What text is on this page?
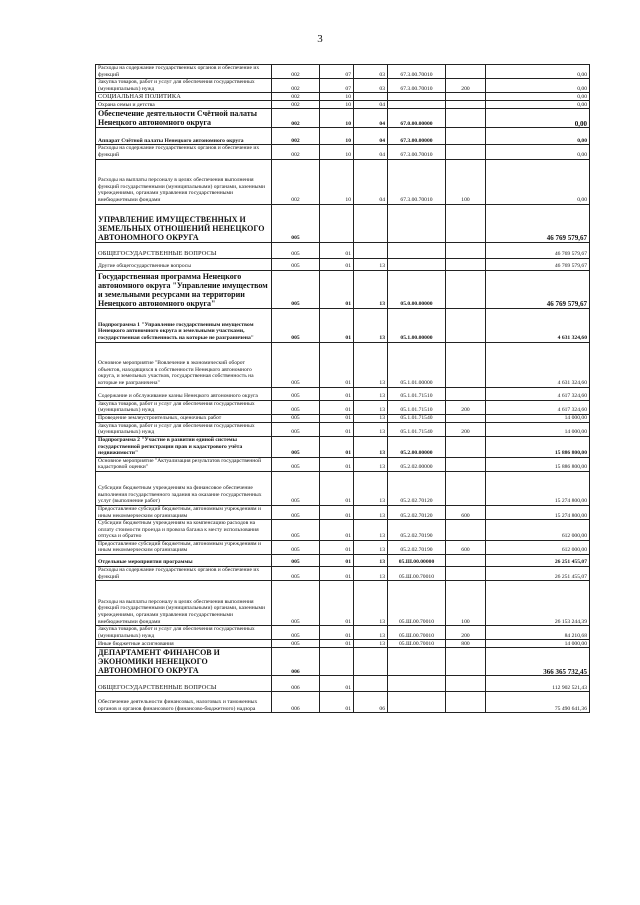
3
Расходы на содержание государственных органов и обеспечение их функций	002	07	03	67.3.00.70010		0,00
Закупка товаров, работ и услуг для обеспечения государственных (муниципальных) нужд	002	07	03	67.3.00.70010	200	0,00
СОЦИАЛЬНАЯ ПОЛИТИКА	002	10				0,00
Охрана семьи и детства	002	10	04			0,00
Обеспечение деятельности Счётной палаты Ненецкого автономного округа	002	10	04	67.0.00.00000		0,00
Аппарат Счётной палаты Ненецкого автономного округа	002	10	04	67.3.00.00000		0,00
Расходы на содержание государственных органов и обеспечение их функций	002	10	04	67.3.00.70010		0,00
Расходы на выплаты персоналу в целях обеспечения выполнения функций государственными (муниципальными) органами, казенными учреждениями, органами управления государственными внебюджетными фондами	002	10	04	67.3.00.70010	100	0,00
УПРАВЛЕНИЕ ИМУЩЕСТВЕННЫХ И ЗЕМЕЛЬНЫХ ОТНОШЕНИЙ НЕНЕЦКОГО АВТОНОМНОГО ОКРУГА	005					46 769 579,67
ОБЩЕГОСУДАРСТВЕННЫЕ ВОПРОСЫ	005	01				46 769 579,67
Другие общегосударственные вопросы	005	01	13			46 769 579,67
Государственная программа Ненецкого автономного округа "Управление имуществом и земельными ресурсами на территории Ненецкого автономного округа"	005	01	13	05.0.00.00000		46 769 579,67
Подпрограмма 1 "Управление государственным имуществом Ненецкого автономного округа и земельными участками, государственная собственность на которые не разграничена"	005	01	13	05.1.00.00000		4 631 324,60
Основное мероприятие "Вовлечение в экономический оборот объектов, находящихся в собственности Ненецкого автономного округа, и земельных участков, государственная собственность на которые не разграничена"	005	01	13	05.1.01.00000		4 631 324,60
Содержание и обслуживание казны Ненецкого автономного округа	005	01	13	05.1.01.71510		4 617 324,60
Закупка товаров, работ и услуг для обеспечения государственных (муниципальных) нужд	005	01	13	05.1.01.71510	200	4 617 324,60
Проведение землеустроительных, оценочных работ	005	01	13	05.1.01.71540		14 000,00
Закупка товаров, работ и услуг для обеспечения государственных (муниципальных) нужд	005	01	13	05.1.01.71540	200	14 000,00
Подпрограмма 2 "Участие в развитии единой системы государственной регистрации прав и кадастрового учёта недвижимости"	005	01	13	05.2.00.00000		15 886 800,00
Основное мероприятие "Актуализация результатов государственной кадастровой оценки"	005	01	13	05.2.02.00000		15 886 800,00
Субсидии бюджетным учреждениям на финансовое обеспечение выполнения государственного задания на оказание государственных услуг (выполнение работ)	005	01	13	05.2.02.70120		15 274 800,00
Предоставление субсидий бюджетным, автономным учреждениям и иным некоммерческим организациям	005	01	13	05.2.02.70120	600	15 274 800,00
Субсидии бюджетным учреждениям на компенсацию расходов на оплату стоимости проезда и провоза багажа к месту использования отпуска и обратно	005	01	13	05.2.02.70190		612 000,00
Предоставление субсидий бюджетным, автономным учреждениям и иным некоммерческим организациям	005	01	13	05.2.02.70190	600	612 000,00
Отдельные мероприятия программы	005	01	13	05.Ш.00.00000		26 251 455,07
Расходы на содержание государственных органов и обеспечение их функций	005	01	13	05.Ш.00.70010		26 251 455,07
Расходы на выплаты персоналу в целях обеспечения выполнения функций государственными (муниципальными) органами, казенными учреждениями, органами управления государственными внебюджетными фондами	005	01	13	05.Ш.00.70010	100	26 153 244,39
Закупка товаров, работ и услуг для обеспечения государственных (муниципальных) нужд	005	01	13	05.Ш.00.70010	200	84 210,68
Иные бюджетные ассигнования	005	01	13	05.Ш.00.70010	800	14 000,00
ДЕПАРТАМЕНТ ФИНАНСОВ И ЭКОНОМИКИ НЕНЕЦКОГО АВТОНОМНОГО ОКРУГА	006					366 365 732,45
ОБЩЕГОСУДАРСТВЕННЫЕ ВОПРОСЫ	006	01				112 902 521,43
Обеспечение деятельности финансовых, налоговых и таможенных органов и органов финансового (финансово-бюджетного) надзора	006	01	06			75 490 641,36
